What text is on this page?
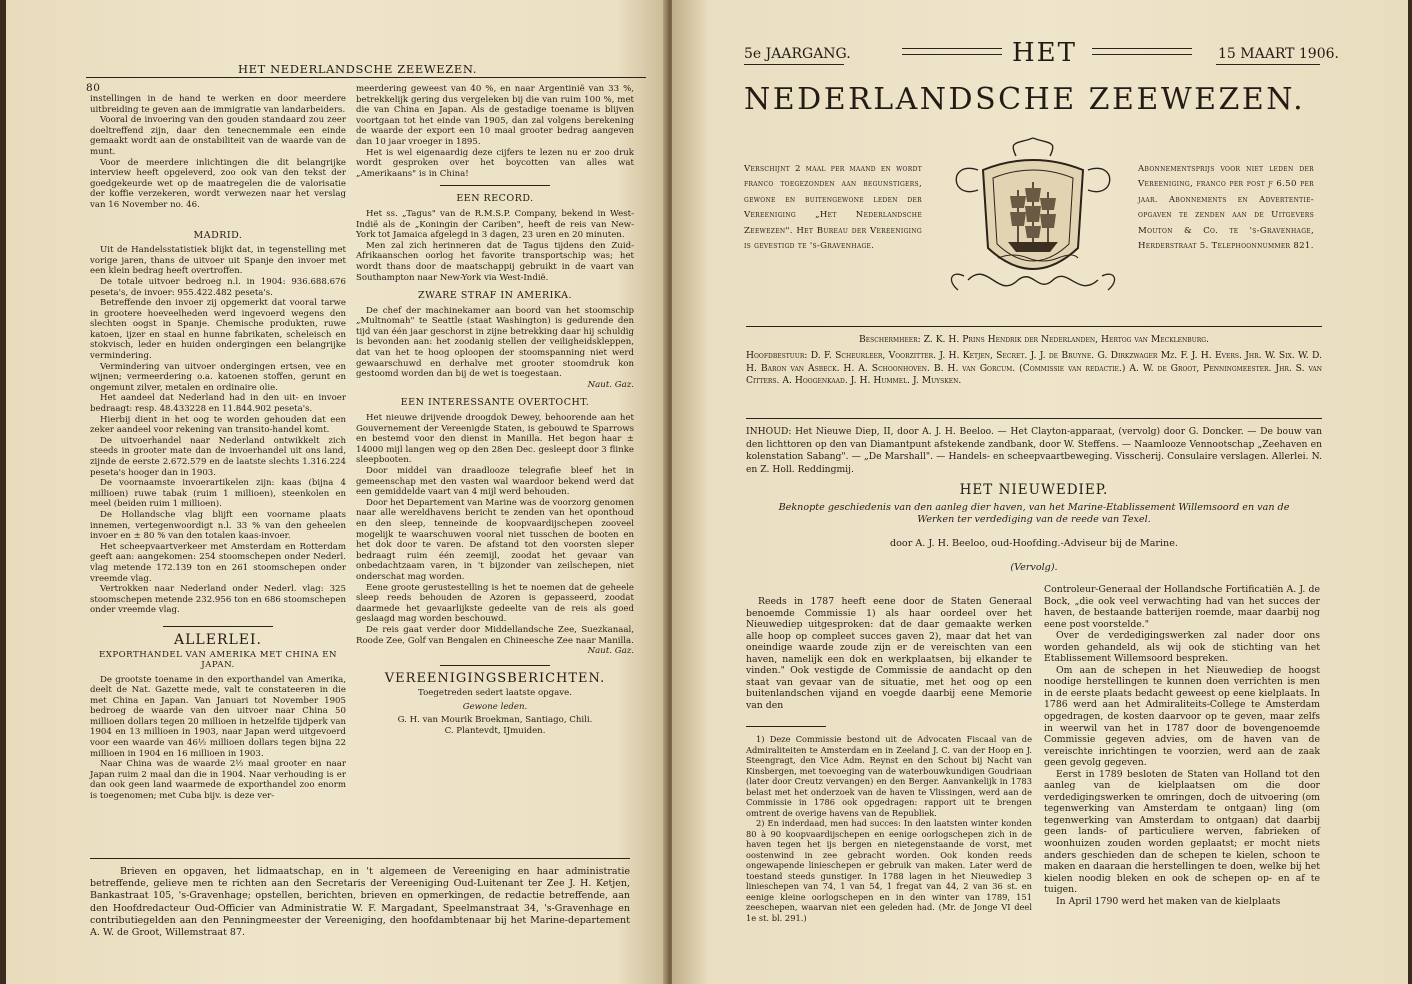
80
HET NEDERLANDSCHE ZEEWEZEN.

instellingen in de hand te werken en door meerdere uitbreiding te geven aan de immigratie van landarbeiders.

Vooral de invoering van den gouden standaard zou zeer doeltreffend zijn, daar den tenecnemmale een einde gemaakt wordt aan de onstabiliteit van de waarde van de munt.

Voor de meerdere inlichtingen die dit belangrijke interview heeft opgeleverd, zoo ook van den tekst der goedgekeurde wet op de maatregelen die de valorisatie der koffie verzekeren, wordt verwezen naar het verslag van 16 November no. 46.

MADRID.

Uit de Handelsstatistiek blijkt dat, in tegenstelling met vorige jaren, thans de uitvoer uit Spanje den invoer met een klein bedrag heeft overtroffen.

De totale uitvoer bedroeg n.l. in 1904: 936.688.676 peseta's, de invoer: 955.422.482 peseta's.

Betreffende den invoer zij opgemerkt dat vooral tarwe in grootere hoeveelheden werd ingevoerd wegens den slechten oogst in Spanje. Chemische produkten, ruwe katoen, ijzer en staal en hunne fabrikaten, scheleisch en stokvisch, leder en huiden ondergingen een belangrijke vermindering.

Vermindering van uitvoer ondergingen ertsen, vee en wijnen; vermeerdering o.a. katoenen stoffen, gerunt en ongemunt zilver, metalen en ordinaire olie.

Het aandeel dat Nederland had in den uit- en invoer bedraagt: resp. 48.433228 en 11.844.902 peseta's.

Hierbij dient in het oog te worden gehouden dat een zeker aandeel voor rekening van transito-handel komt.

De uitvoerhandel naar Nederland ontwikkelt zich steeds in grooter mate dan de invoerhandel uit ons land, zijnde de eerste 2.672.579 en de laatste slechts 1.316.224 peseta's hooger dan in 1903.

De voornaamste invoerartikelen zijn: kaas (bijna 4 millioen) ruwe tabak (ruim 1 millioen), steenkolen en meel (beiden ruim 1 millioen).

De Hollandsche vlag blijft een voorname plaats innemen, vertegenwoordigt n.l. 33 % van den geheelen invoer en ± 80 % van den totalen kaas-invoer.

Het scheepvaartverkeer met Amsterdam en Rotterdam geeft aan: aangekomen: 254 stoomschepen onder Nederl. vlag metende 172.139 ton en 261 stoomschepen onder vreemde vlag.

Vertrokken naar Nederland onder Nederl. vlag: 325 stoomschepen metende 232.956 ton en 686 stoomschepen onder vreemde vlag.

ALLERLEI.
EXPORTHANDEL VAN AMERIKA MET CHINA EN JAPAN.

De grootste toename in den exporthandel van Amerika, deelt de Nat. Gazette mede, valt te constateeren in die met China en Japan. Van Januari tot November 1905 bedroeg de waarde van den uitvoer naar China 50 millioen dollars tegen 20 millioen in hetzelfde tijdperk van 1904 en 13 millioen in 1903, naar Japan werd uitgevoerd voor een waarde van 46½ millioen dollars tegen bijna 22 millioen in 1904 en 16 millioen in 1903.

Naar China was de waarde 2½ maal grooter en naar Japan ruim 2 maal dan die in 1904. Naar verhouding is er dan ook geen land waarmede de exporthandel zoo enorm is toegenomen; met Cuba bijv. is deze ver-

meerdering geweest van 40 %, en naar Argentinië van 33 %, betrekkelijk gering dus vergeleken bij die van ruim 100 %, met die van China en Japan. Als de gestadige toename is blijven voortgaan tot het einde van 1905, dan zal volgens berekening de waarde der export een 10 maal grooter bedrag aangeven dan 10 jaar vroeger in 1895.

Het is wel eigenaardig deze cijfers te lezen nu er zoo druk wordt gesproken over het boycotten van alles wat „Amerikaans" is in China!

EEN RECORD.

Het ss. „Tagus" van de R.M.S.P. Company, bekend in West-Indië als de „Koningin der Cariben", heeft de reis van New-York tot Jamaica afgelegd in 3 dagen, 23 uren en 20 minuten.

Men zal zich herinneren dat de Tagus tijdens den Zuid-Afrikaanschen oorlog het favorite transportschip was; het wordt thans door de maatschappij gebruikt in de vaart van Southampton naar New-York via West-Indië.

ZWARE STRAF IN AMERIKA.

De chef der machinekamer aan boord van het stoomschip „Multnomah" te Seattle (staat Washington) is gedurende den tijd van één jaar geschorst in zijne betrekking daar hij schuldig is bevonden aan: het zoodanig stellen der veiligheidskleppen, dat van het te hoog oploopen der stoomspanning niet werd gewaarschuwd en derhalve met grooter stoomdruk kon gestoomd worden dan bij de wet is toegestaan.

Naut. Gaz.
EEN INTERESSANTE OVERTOCHT.

Het nieuwe drijvende droogdok Dewey, behoorende aan het Gouvernement der Vereenigde Staten, is gebouwd te Sparrows en bestemd voor den dienst in Manilla. Het begon haar ± 14000 mijl langen weg op den 28en Dec. gesleept door 3 flinke sleepbooten.

Door middel van draadlooze telegrafie bleef het in gemeenschap met den vasten wal waardoor bekend werd dat een gemiddelde vaart van 4 mijl werd behouden.

Door het Departement van Marine was de voorzorg genomen naar alle wereldhavens bericht te zenden van het oponthoud en den sleep, tenneinde de koopvaardijschepen zooveel mogelijk te waarschuwen vooral niet tusschen de booten en het dok door te varen. De afstand tot den voorsten sleper bedraagt ruim één zeemijl, zoodat het gevaar van onbedachtzaam varen, in 't bijzonder van zeilschepen, niet onderschat mag worden.

Eene groote gerustestelling is het te noemen dat de geheele sleep reeds behouden de Azoren is gepasseerd, zoodat daarmede het gevaarlijkste gedeelte van de reis als goed geslaagd mag worden beschouwd.

De reis gaat verder door Middellandsche Zee, Suezkanaal, Roode Zee, Golf van Bengalen en Chineesche Zee naar Manilla.

Naut. Gaz.
VEREENIGINGSBERICHTEN.
Toegetreden sedert laatste opgave.
Gewone leden.
G. H. van Mourik Broekman, Santiago, Chili.
C. Plantevdt, IJmuiden.
Brieven en opgaven, het lidmaatschap, en in 't algemeen de Vereeniging en haar administratie betreffende, gelieve men te richten aan den Secretaris der Vereeniging Oud-Luitenant ter Zee J. H. Ketjen, Bankastraat 105, 's-Gravenhage; opstellen, berichten, brieven en opmerkingen, de redactie betreffende, aan den Hoofdredacteur Oud-Officier van Administratie W. F. Margadant, Speelmanstraat 34, 's-Gravenhage en contributiegelden aan den Penningmeester der Vereeniging, den hoofdambtenaar bij het Marine-departement A. W. de Groot, Willemstraat 87.
5e JAARGANG.	HET	15 MAART 1906.
NEDERLANDSCHE ZEEWEZEN.
Verschijnt 2 maal per maand en wordt franco toegezonden aan begunstigers, gewone en buitengewone leden der Vereeniging „Het Nederlandsche Zeewezen". Het Bureau der Vereeniging is gevestigd te 's-Gravenhage.
Abonnementsprijs voor niet leden der Vereeniging, franco per post ƒ 6.50 per jaar. Abonnements en Advertentie-opgaven te zenden aan de Uitgevers Mouton & Co. te 's-Gravenhage, Herderstraat 5. Telephoonnummer 821.
Beschermheer: Z. K. H. Prins Hendrik der Nederlanden, Hertog van Mecklenburg.
Hoofdbestuur: D. F. Scheurleer, Voorzitter. J. H. Ketjen, Secret. J. J. de Bruyne. G. Dirkzwager Mz. F. J. H. Evers. Jhr. W. Six. W. D. H. Baron van Asbeck. H. A. Schoonhoven. B. H. van Gorcum. (Commissie van redactie.) A. W. de Groot, Penningmeester. Jhr. S. van Citters. A. Hoogenkaad. J. H. Hummel. J. Muysken.
INHOUD: Het Nieuwe Diep, II, door A. J. H. Beeloo. — Het Clayton-apparaat, (vervolg) door G. Doncker. — De bouw van den lichttoren op den van Diamantpunt afstekende zandbank, door W. Steffens. — Naamlooze Vennootschap „Zeehaven en kolenstation Sabang". — „De Marshall". — Handels- en scheepvaartbeweging. Visscherij. Consulaire verslagen. Allerlei. N. en Z. Holl. Reddingmij.
HET NIEUWEDIEP.
Beknopte geschiedenis van den aanleg dier haven, van het Marine-Etablissement Willemsoord en van de Werken ter verdediging van de reede van Texel.
door A. J. H. Beeloo, oud-Hoofding.-Adviseur bij de Marine.
(Vervolg).

Reeds in 1787 heeft eene door de Staten Generaal benoemde Commissie 1) als haar oordeel over het Nieuwediep uitgesproken: dat de daar gemaakte werken alle hoop op compleet succes gaven 2), maar dat het van oneindige waarde zoude zijn er de vereischten van een haven, namelijk een dok en werkplaatsen, bij elkander te vinden." Ook vestigde de Commissie de aandacht op den staat van gevaar van de situatie, met het oog op een buitenlandschen vijand en voegde daarbij eene Memorie van den

1) Deze Commissie bestond uit de Advocaten Fiscaal van de Admiraliteiten te Amsterdam en in Zeeland J. C. van der Hoop en J. Steengragt, den Vice Adm. Reynst en den Schout bij Nacht van Kinsbergen, met toevoeging van de waterbouwkundigen Goudriaan (later door Creutz vervangen) en den Berger. Aanvankelijk in 1783 belast met het onderzoek van de haven te Vlissingen, werd aan de Commissie in 1786 ook opgedragen: rapport uit te brengen omtrent de overige havens van de Republiek.

2) En inderdaad, men had succes: In den laatsten winter konden 80 à 90 koopvaardijschepen en eenige oorlogschepen zich in de haven tegen het ijs bergen en nietegenstaande de vorst, met oostenwind in zee gebracht worden. Ook konden reeds ongewapende linieschepen er gebruik van maken. Later werd de toestand steeds gunstiger. In 1788 lagen in het Nieuwediep 3 linieschepen van 74, 1 van 54, 1 fregat van 44, 2 van 36 st. en eenige kleine oorlogschepen en in den winter van 1789, 151 zeeschepen, waarvan niet een geleden had. (Mr. de Jonge VI deel 1e st. bl. 291.)

Controleur-Generaal der Hollandsche Fortificatiën A. J. de Bock, „die ook veel verwachting had van het succes der haven, de bestaande batterijen roemde, maar daarbij nog eene post voorstelde."

Over de verdedigingswerken zal nader door ons worden gehandeld, als wij ook de stichting van het Etablissement Willemsoord bespreken.

Om aan de schepen in het Nieuwediep de hoogst noodige herstellingen te kunnen doen verrichten is men in de eerste plaats bedacht geweest op eene kielplaats. In 1786 werd aan het Admiraliteits-College te Amsterdam opgedragen, de kosten daarvoor op te geven, maar zelfs in weerwil van het in 1787 door de bovengenoemde Commissie gegeven advies, om de haven van de vereischte inrichtingen te voorzien, werd aan de zaak geen gevolg gegeven.

Eerst in 1789 besloten de Staten van Holland tot den aanleg van de kielplaatsen om die door verdedigingswerken te omringen, doch de uitvoering (om tegenwerking van Amsterdam te ontgaan) ling (om tegenwerking van Amsterdam to ontgaan) dat daarbij geen lands- of particuliere werven, fabrieken of woonhuizen zouden worden geplaatst; er mocht niets anders geschieden dan de schepen te kielen, schoon te maken en daaraan die herstellingen te doen, welke bij het kielen noodig bleken en ook de schepen op- en af te tuigen.

In April 1790 werd het maken van de kielplaats
